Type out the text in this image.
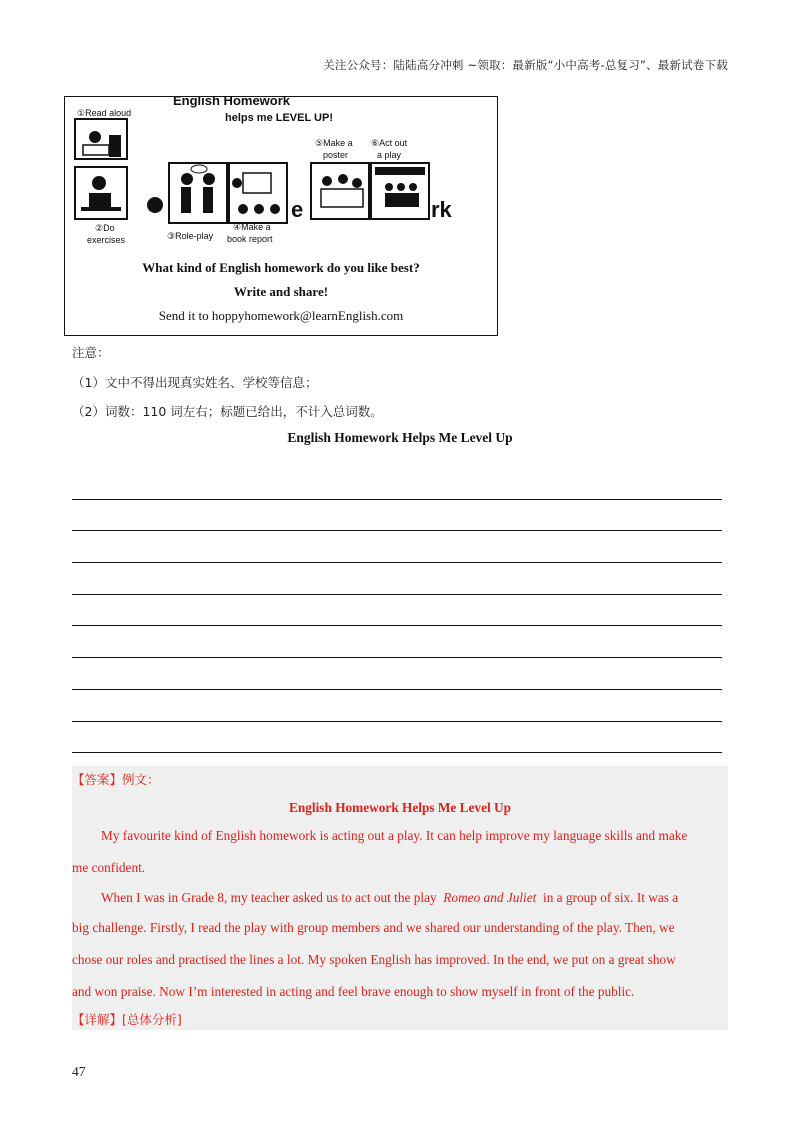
关注公众号：陆陆高分冲刺 ~领取：最新版“小中高考-总复习”、最新试卷下载
English Homework
helps me LEVEL UP!
①Read aloud
②Do
exercises	③Role-play
④Make a
book report
e
⑤Make a
poster
⑥Act out
a play
rk
What kind of English homework do you like best?
Write and share!
Send it to hoppyhomework@learnEnglish.com
注意：
（1）文中不得出现真实姓名、学校等信息；
（2）词数：110 词左右；标题已给出，不计入总词数。
English Homework Helps Me Level Up
【答案】例文：
English Homework Helps Me Level Up
My favourite kind of English homework is acting out a play. It can help improve my language skills and make
me confident.
When I was in Grade 8, my teacher asked us to act out the play Romeo and Juliet in a group of six. It was a
big challenge. Firstly, I read the play with group members and we shared our understanding of the play. Then, we
chose our roles and practised the lines a lot. My spoken English has improved. In the end, we put on a great show
and won praise. Now I’m interested in acting and feel brave enough to show myself in front of the public.
【详解】[总体分析]
47
